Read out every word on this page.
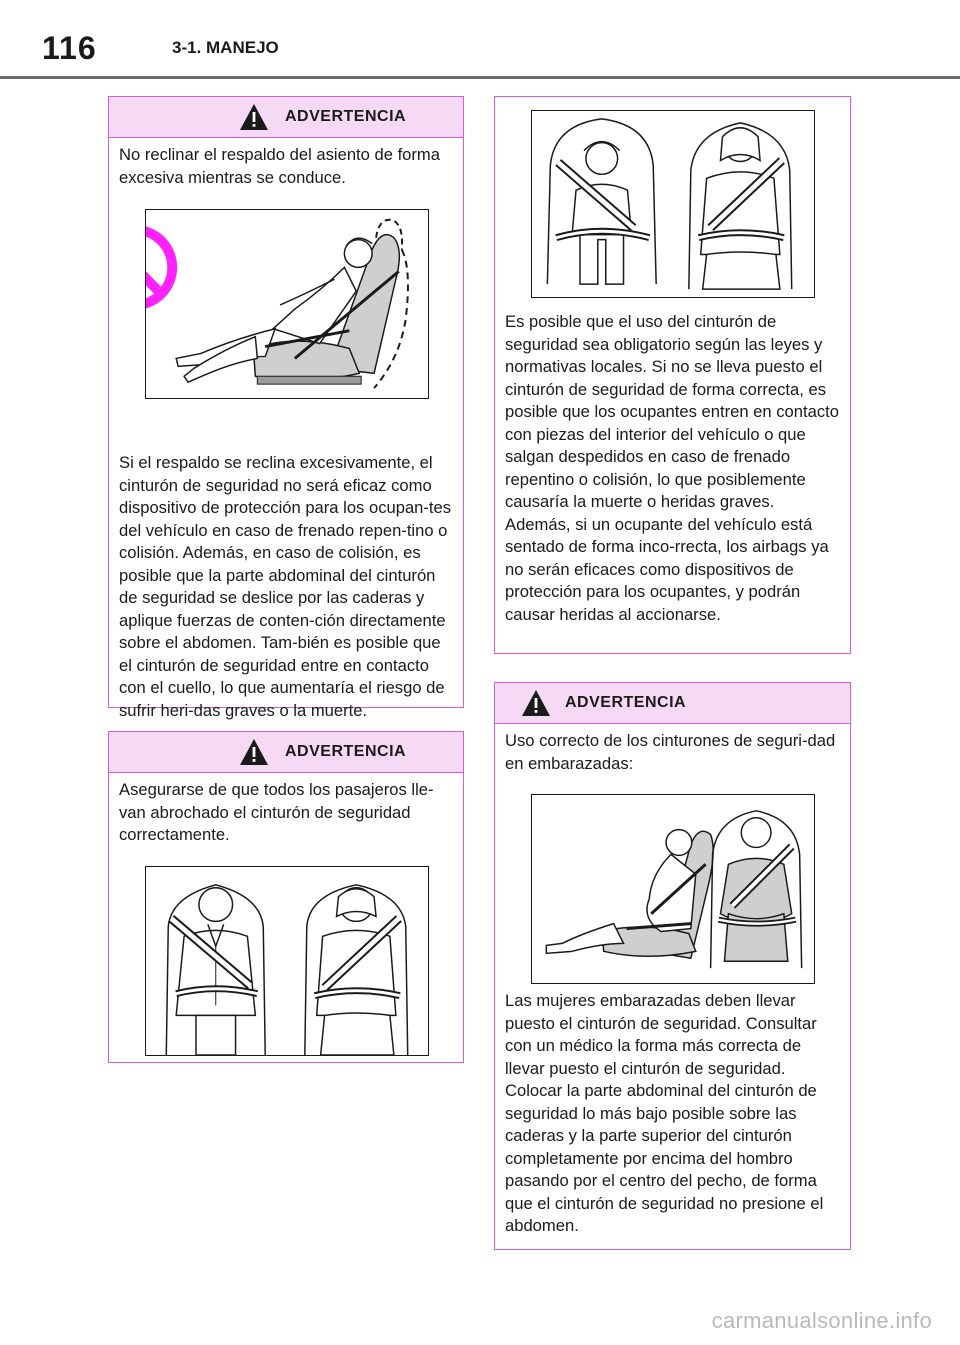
116	3-1. MANEJO
ADVERTENCIA

No reclinar el respaldo del asiento de forma excesiva mientras se conduce.

Si el respaldo se reclina excesivamente, el cinturón de seguridad no será eficaz como dispositivo de protección para los ocupan-tes del vehículo en caso de frenado repen-tino o colisión. Además, en caso de colisión, es posible que la parte abdominal del cinturón de seguridad se deslice por las caderas y aplique fuerzas de conten-ción directamente sobre el abdomen. Tam-bién es posible que el cinturón de seguridad entre en contacto con el cuello, lo que aumentaría el riesgo de sufrir heri-das graves o la muerte.

ADVERTENCIA

Asegurarse de que todos los pasajeros lle-van abrochado el cinturón de seguridad correctamente.

Es posible que el uso del cinturón de seguridad sea obligatorio según las leyes y normativas locales. Si no se lleva puesto el cinturón de seguridad de forma correcta, es posible que los ocupantes entren en contacto con piezas del interior del vehículo o que salgan despedidos en caso de frenado repentino o colisión, lo que posiblemente causaría la muerte o heridas graves. Además, si un ocupante del vehículo está sentado de forma inco-rrecta, los airbags ya no serán eficaces como dispositivos de protección para los ocupantes, y podrán causar heridas al accionarse.

ADVERTENCIA

Uso correcto de los cinturones de seguri-dad en embarazadas:

Las mujeres embarazadas deben llevar puesto el cinturón de seguridad. Consultar con un médico la forma más correcta de llevar puesto el cinturón de seguridad. Colocar la parte abdominal del cinturón de seguridad lo más bajo posible sobre las caderas y la parte superior del cinturón completamente por encima del hombro pasando por el centro del pecho, de forma que el cinturón de seguridad no presione el abdomen.

carmanualsonline.info
